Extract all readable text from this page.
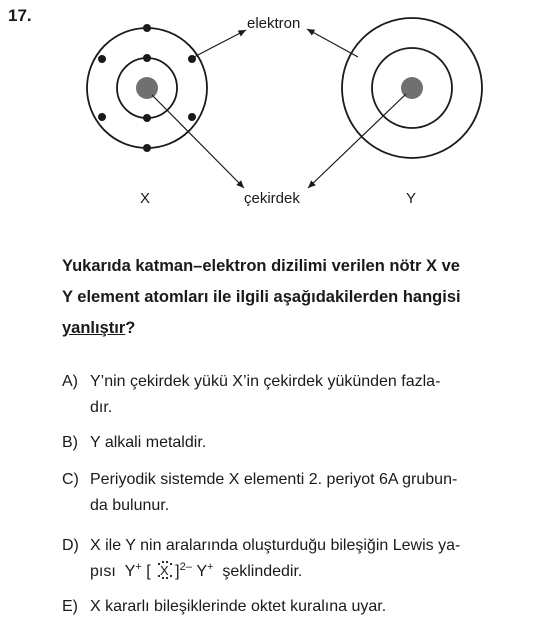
17.	elektron
çekirdek
X	Y
Yukarıda katman–elektron dizilimi verilen nötr X ve
Y element atomları ile ilgili aşağıdakilerden hangisi
yanlıştır?
A) Y’nin çekirdek yükü X’in çekirdek yükünden fazla-
dır.
B) Y alkali metaldir.
C) Periyodik sistemde X elementi 2. periyot 6A grubun-
da bulunur.
D) X ile Y nin aralarında oluşturduğu bileşiğin Lewis ya-
pısı Y+ [ X ]$^{2-}$ Y+ şeklindedir.
E) X kararlı bileşiklerinde oktet kuralına uyar.
